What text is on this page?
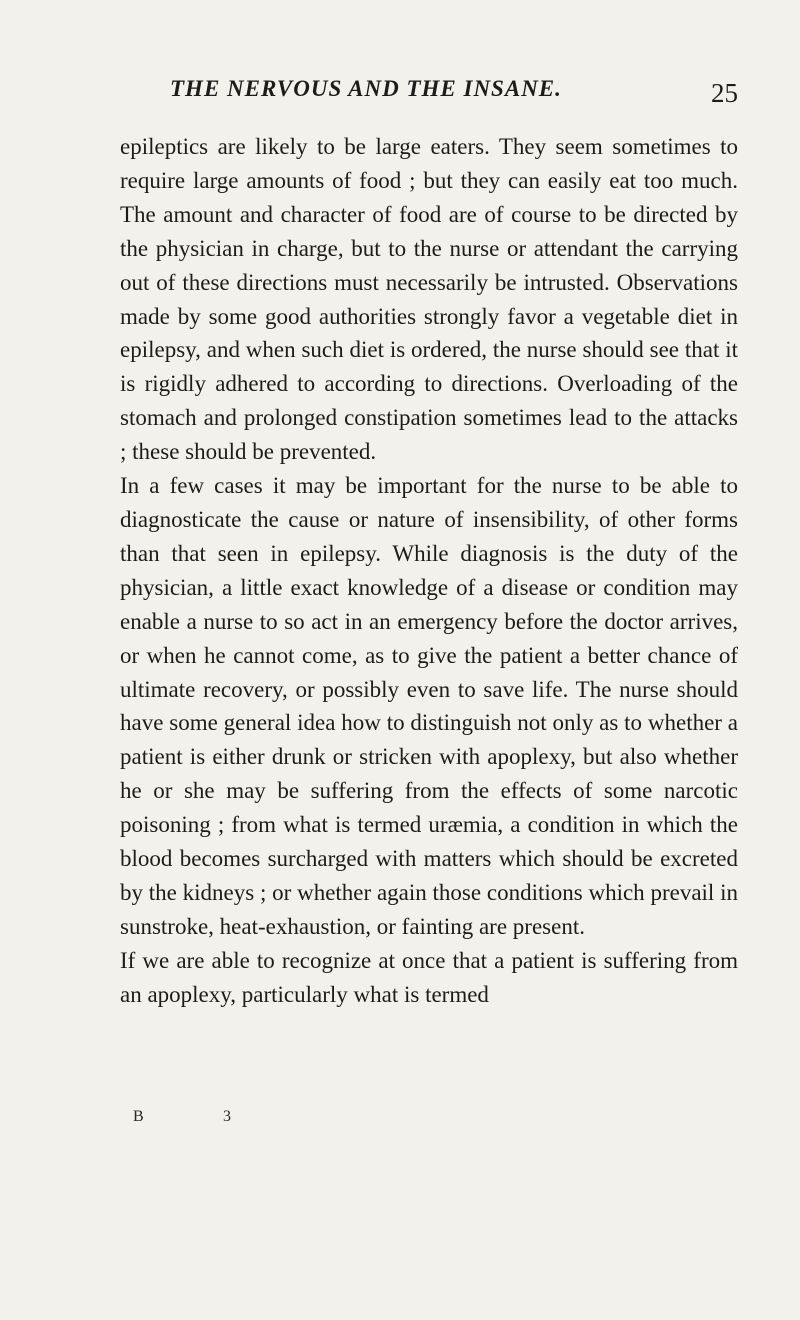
THE NERVOUS AND THE INSANE.	25

epileptics are likely to be large eaters. They seem sometimes to require large amounts of food ; but they can easily eat too much. The amount and character of food are of course to be directed by the physician in charge, but to the nurse or attendant the carrying out of these directions must necessarily be intrusted. Observations made by some good authorities strongly favor a vegetable diet in epilepsy, and when such diet is ordered, the nurse should see that it is rigidly adhered to according to directions. Overloading of the stomach and prolonged constipation sometimes lead to the attacks ; these should be prevented.

In a few cases it may be important for the nurse to be able to diagnosticate the cause or nature of insensibility, of other forms than that seen in epilepsy. While diagnosis is the duty of the physician, a little exact knowledge of a disease or condition may enable a nurse to so act in an emergency before the doctor arrives, or when he cannot come, as to give the patient a better chance of ultimate recovery, or possibly even to save life. The nurse should have some general idea how to distinguish not only as to whether a patient is either drunk or stricken with apoplexy, but also whether he or she may be suffering from the effects of some narcotic poisoning ; from what is termed uræmia, a condition in which the blood becomes surcharged with matters which should be excreted by the kidneys ; or whether again those conditions which prevail in sunstroke, heat-exhaustion, or fainting are present.

If we are able to recognize at once that a patient is suffering from an apoplexy, particularly what is termed

B	3
